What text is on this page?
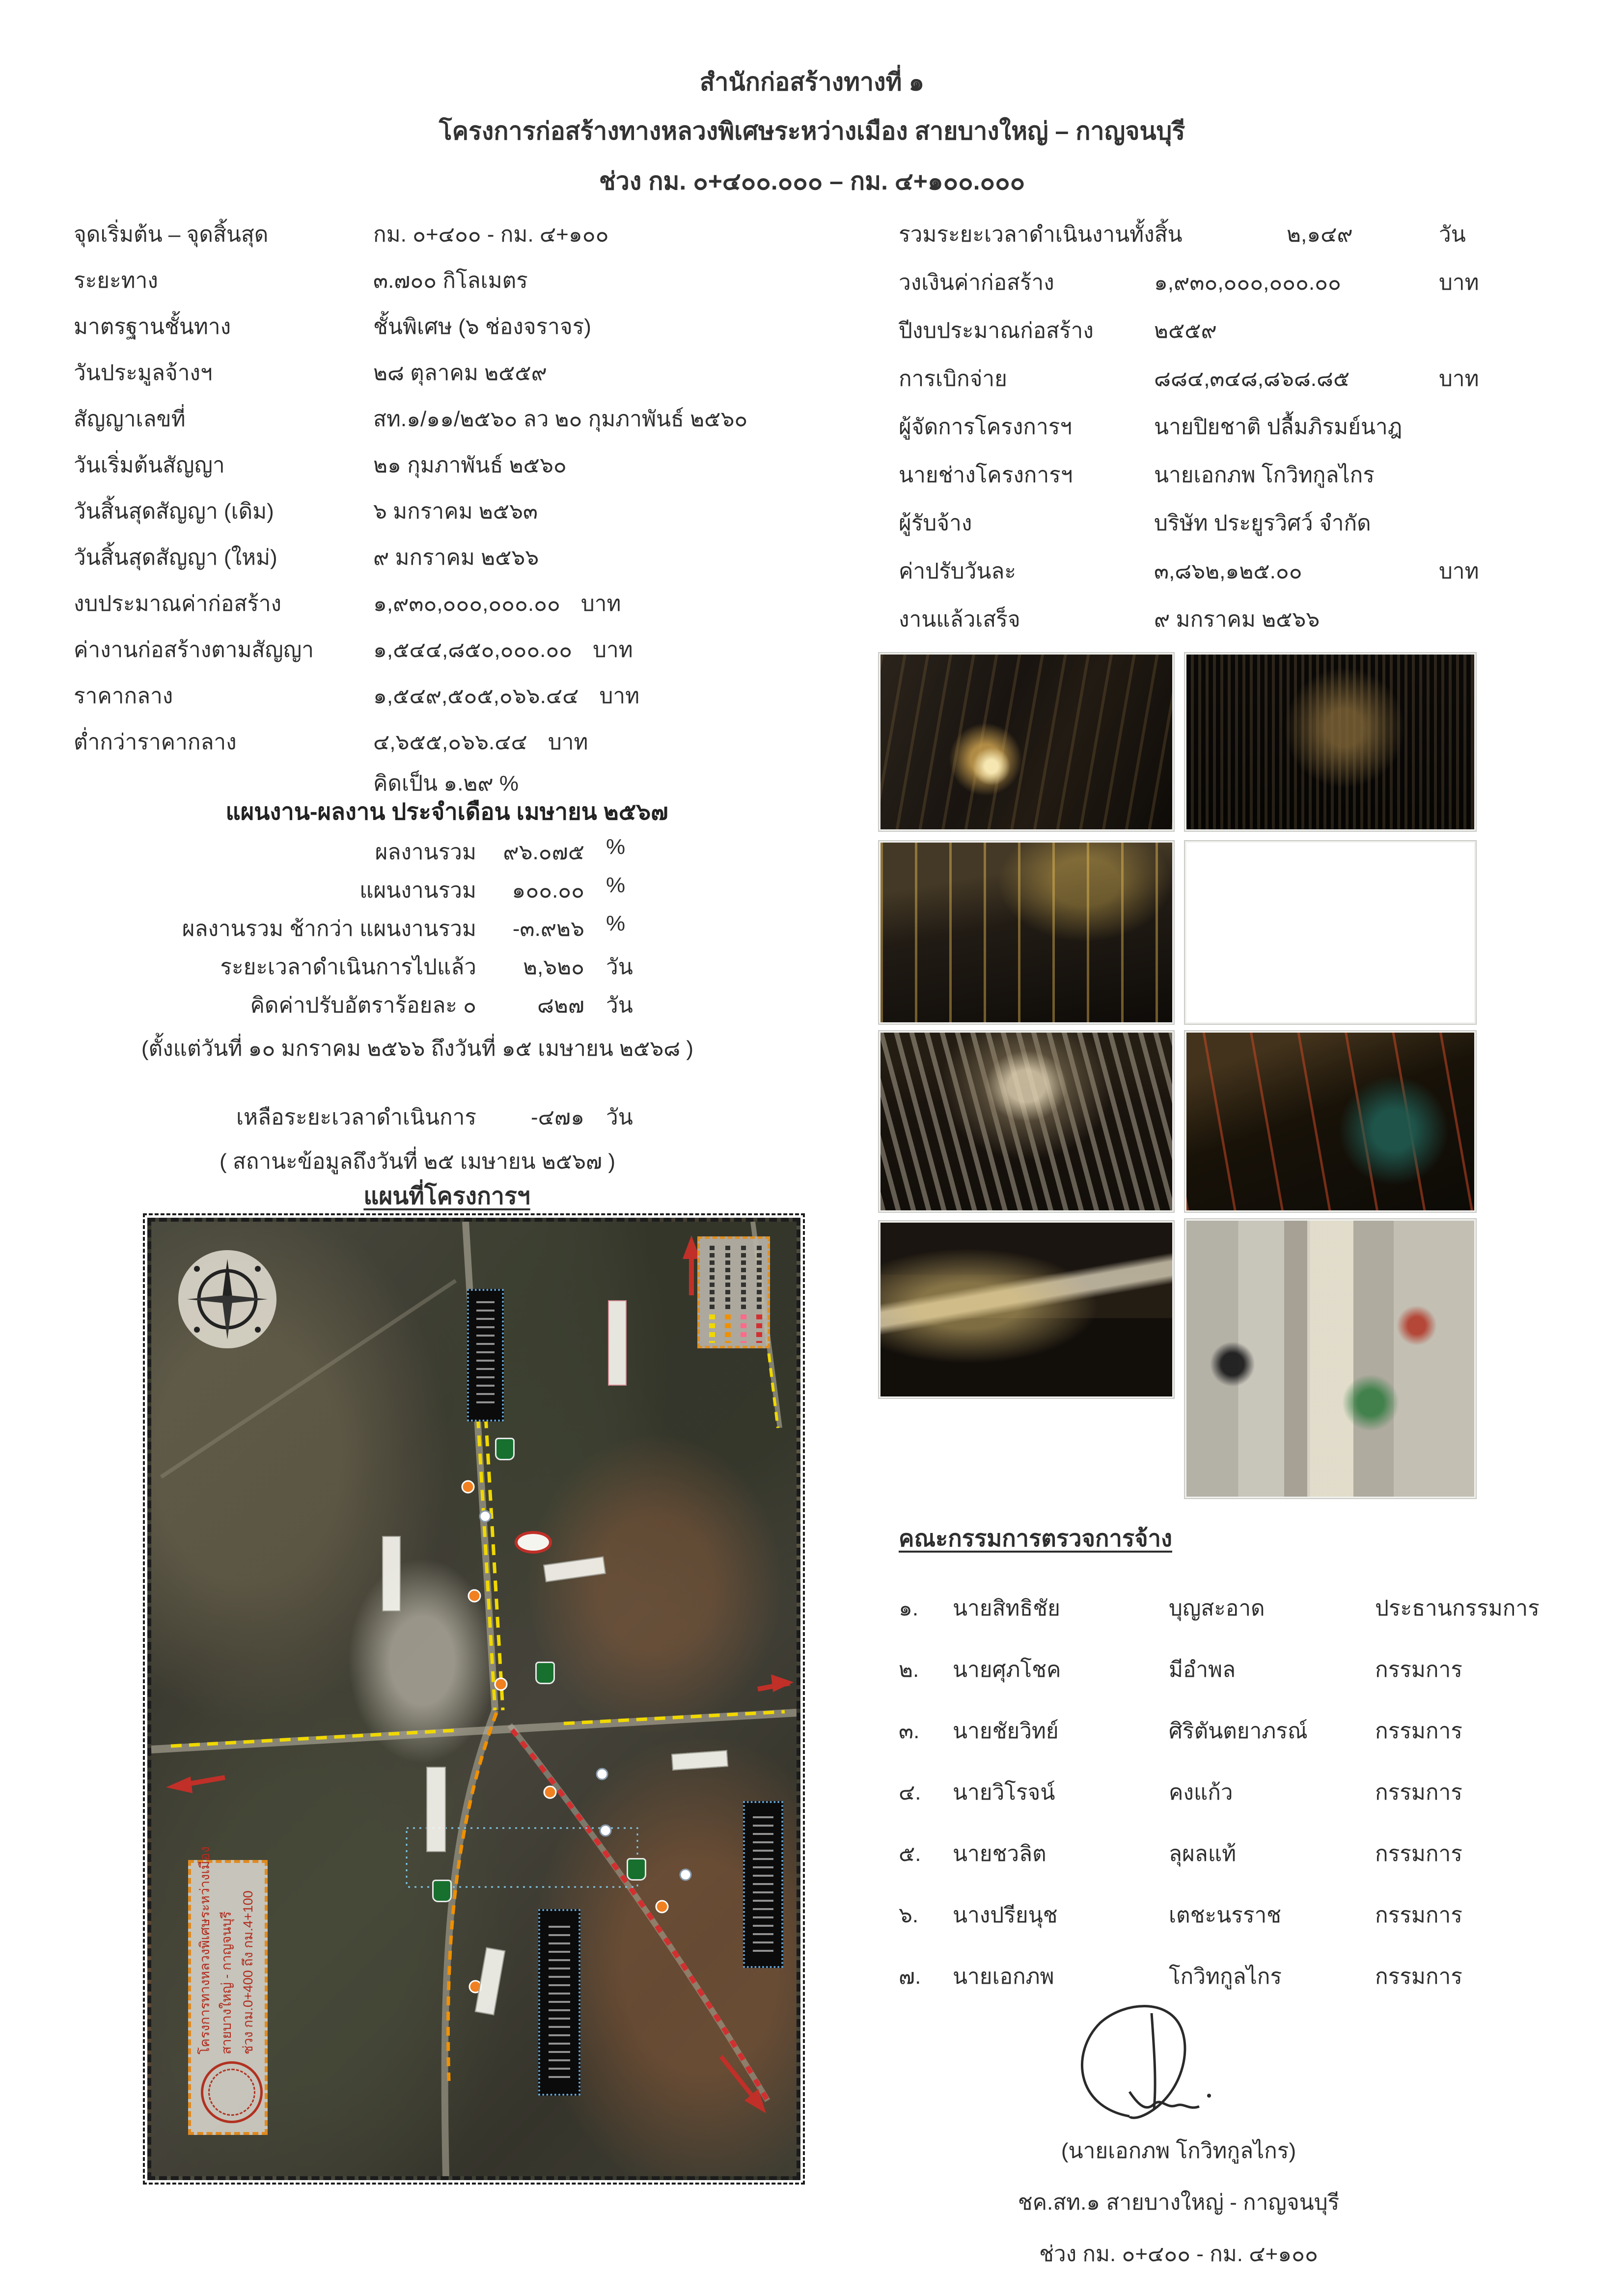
สำนักก่อสร้างทางที่ ๑
โครงการก่อสร้างทางหลวงพิเศษระหว่างเมือง สายบางใหญ่ – กาญจนบุรี
ช่วง กม. ๐+๔๐๐.๐๐๐ – กม. ๔+๑๐๐.๐๐๐
จุดเริ่มต้น – จุดสิ้นสุด	กม. ๐+๔๐๐ - กม. ๔+๑๐๐
ระยะทาง	๓.๗๐๐ กิโลเมตร
มาตรฐานชั้นทาง	ชั้นพิเศษ (๖ ช่องจราจร)
วันประมูลจ้างฯ	๒๘ ตุลาคม ๒๕๕๙
สัญญาเลขที่	สท.๑/๑๑/๒๕๖๐ ลว ๒๐ กุมภาพันธ์ ๒๕๖๐
วันเริ่มต้นสัญญา	๒๑ กุมภาพันธ์ ๒๕๖๐
วันสิ้นสุดสัญญา (เดิม)	๖ มกราคม ๒๕๖๓
วันสิ้นสุดสัญญา (ใหม่)	๙ มกราคม ๒๕๖๖
งบประมาณค่าก่อสร้าง	๑,๙๓๐,๐๐๐,๐๐๐.๐๐ บาท
ค่างานก่อสร้างตามสัญญา	๑,๕๔๔,๘๕๐,๐๐๐.๐๐ บาท
ราคากลาง	๑,๕๔๙,๕๐๕,๐๖๖.๔๔ บาท
ต่ำกว่าราคากลาง	๔,๖๕๕,๐๖๖.๔๔ บาท
คิดเป็น ๑.๒๙ %
รวมระยะเวลาดำเนินงานทั้งสิ้น	๒,๑๔๙	วัน
วงเงินค่าก่อสร้าง	๑,๙๓๐,๐๐๐,๐๐๐.๐๐	บาท
ปีงบประมาณก่อสร้าง	๒๕๕๙
การเบิกจ่าย	๘๘๔,๓๔๘,๘๖๘.๘๕	บาท
ผู้จัดการโครงการฯ	นายปิยชาติ ปลื้มภิรมย์นาฎ
นายช่างโครงการฯ	นายเอกภพ โกวิทกูลไกร
ผู้รับจ้าง	บริษัท ประยูรวิศว์ จำกัด
ค่าปรับวันละ	๓,๘๖๒,๑๒๕.๐๐	บาท
งานแล้วเสร็จ	๙ มกราคม ๒๕๖๖
แผนงาน-ผลงาน ประจำเดือน เมษายน ๒๕๖๗
ผลงานรวม	๙๖.๐๗๕ %
แผนงานรวม	๑๐๐.๐๐ %
ผลงานรวม ช้ากว่า แผนงานรวม	-๓.๙๒๖ %
ระยะเวลาดำเนินการไปแล้ว	๒,๖๒๐ วัน
คิดค่าปรับอัตราร้อยละ ๐	๘๒๗ วัน
(ตั้งแต่วันที่ ๑๐ มกราคม ๒๕๖๖ ถึงวันที่ ๑๕ เมษายน ๒๕๖๘ )
เหลือระยะเวลาดำเนินการ	-๔๗๑ วัน
( สถานะข้อมูลถึงวันที่ ๒๕ เมษายน ๒๕๖๗ )
แผนที่โครงการฯ
โครงการทางหลวงพิเศษระหว่างเมือง สายบางใหญ่ - กาญจนบุรี ช่วง กม.0+400 ถึง กม.4+100
คณะกรรมการตรวจการจ้าง
๑.	นายสิทธิชัย	บุญสะอาด	ประธานกรรมการ
๒.	นายศุภโชค	มีอำพล	กรรมการ
๓.	นายชัยวิทย์	ศิริตันตยาภรณ์	กรรมการ
๔.	นายวิโรจน์	คงแก้ว	กรรมการ
๕.	นายชวลิต	ลุผลแท้	กรรมการ
๖.	นางปรียนุช	เตชะนรราช	กรรมการ
๗.	นายเอกภพ	โกวิทกูลไกร	กรรมการ
(นายเอกภพ โกวิทกูลไกร)
ชค.สท.๑ สายบางใหญ่ - กาญจนบุรี
ช่วง กม. ๐+๔๐๐ - กม. ๔+๑๐๐
